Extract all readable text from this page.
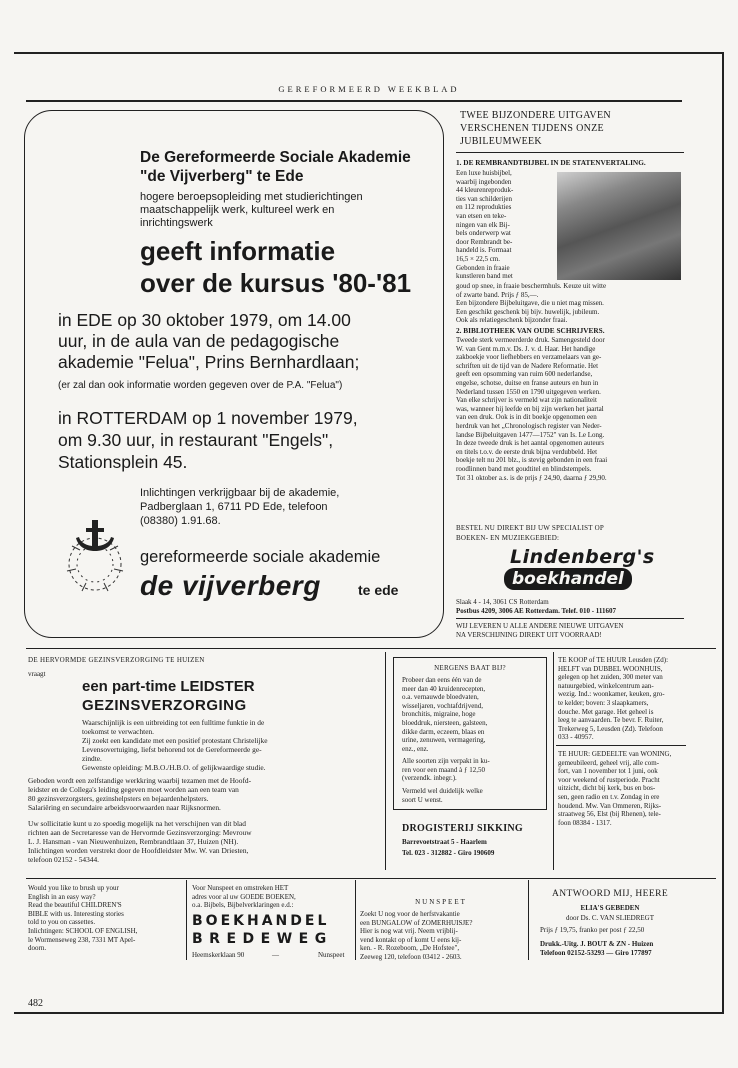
GEREFORMEERD WEEKBLAD
De Gereformeerde Sociale Akademie
"de Vijverberg" te Ede
hogere beroepsopleiding met studierichtingen
maatschappelijk werk, kultureel werk en
inrichtingswerk
geeft informatie
over de kursus '80-'81
in EDE op 30 oktober 1979, om 14.00
uur, in de aula van de pedagogische
akademie "Felua", Prins Bernhardlaan;
(er zal dan ook informatie worden gegeven over de P.A. "Felua")
in ROTTERDAM op 1 november 1979,
om 9.30 uur, in restaurant "Engels",
Stationsplein 45.
Inlichtingen verkrijgbaar bij de akademie,
Padberglaan 1, 6711 PD Ede, telefoon
(08380) 1.91.68.
gereformeerde sociale akademie
de vijverberg	te ede
TWEE BIJZONDERE UITGAVEN
VERSCHENEN TIJDENS ONZE
JUBILEUMWEEK
1. DE REMBRANDTBIJBEL IN DE STATENVERTALING.
Een luxe huisbijbel,
waarbij ingebonden
44 kleurenreproduk-
ties van schilderijen
en 112 reprodukties
van etsen en teke-
ningen van elk Bij-
bels onderwerp wat
door Rembrandt be-
handeld is. Formaat
16,5 × 22,5 cm.
Gebonden in fraaie
kunstleren band met
goud op snee, in fraaie beschermhuls. Keuze uit witte
of zwarte band. Prijs ƒ 85,—.
Een bijzondere Bijbeluitgave, die u niet mag missen.
Een geschikt geschenk bij bijv. huwelijk, jubileum.
Ook als relatiegeschenk bijzonder fraai.
2. BIBLIOTHEEK VAN OUDE SCHRIJVERS.
Tweede sterk vermeerderde druk. Samengesteld door
W. van Gent m.m.v. Ds. J. v. d. Haar. Het handige
zakboekje voor liefhebbers en verzamelaars van ge-
schriften uit de tijd van de Nadere Reformatie. Het
geeft een opsomming van ruim 600 nederlandse,
engelse, schotse, duitse en franse auteurs en hun in
Nederland tussen 1550 en 1790 uitgegeven werken.
Van elke schrijver is vermeld wat zijn nationaliteit
was, wanneer hij leefde en bij zijn werken het jaartal
van een druk. Ook is in dit boekje opgenomen een
herdruk van het „Chronologisch register van Neder-
landse Bijbeluitgaven 1477—1752" van Is. Le Long.
In deze tweede druk is het aantal opgenomen auteurs
en titels t.o.v. de eerste druk bijna verdubbeld. Het
boekje telt nu 201 blz., is stevig gebonden in een fraai
roodlinnen band met goudtitel en blindstempels.
Tot 31 oktober a.s. is de prijs ƒ 24,90, daarna ƒ 29,90.
BESTEL NU DIREKT BIJ UW SPECIALIST OP
BOEKEN- EN MUZIEKGEBIED:
Lindenberg's
boekhandel
Slaak 4 - 14, 3061 CS Rotterdam
Postbus 4209, 3006 AE Rotterdam. Telef. 010 - 111607
WIJ LEVEREN U ALLE ANDERE NIEUWE UITGAVEN
NA VERSCHIJNING DIREKT UIT VOORRAAD!
DE HERVORMDE GEZINSVERZORGING TE HUIZEN
vraagt
een part-time LEIDSTER
GEZINSVERZORGING
Waarschijnlijk is een uitbreiding tot een fulltime funktie in de
toekomst te verwachten.
Zij zoekt een kandidate met een positief protestant Christelijke
Levensovertuiging, liefst behorend tot de Gereformeerde ge-
zindte.
Gewenste opleiding: M.B.O./H.B.O. of gelijkwaardige studie.
Geboden wordt een zelfstandige werkkring waarbij tezamen met de Hoofd-
leidster en de Collega's leiding gegeven moet worden aan een team van
80 gezinsverzorgsters, gezinshelpsters en bejaardenhelpsters.
Salariëring en secundaire arbeidsvoorwaarden naar Rijksnormen.
Uw sollicitatie kunt u zo spoedig mogelijk na het verschijnen van dit blad
richten aan de Secretaresse van de Hervormde Gezinsverzorging: Mevrouw
L. J. Hansman - van Nieuwenhuizen, Rembrandtlaan 37, Huizen (NH).
Inlichtingen worden verstrekt door de Hoofdleidster Mw. W. van Driesten,
telefoon 02152 - 54344.
NERGENS BAAT BIJ?
Probeer dan eens één van de
meer dan 40 kruidenrecepten,
o.a. vernauwde bloedvaten,
wisseljaren, vochtafdrijvend,
bronchitis, migraine, hoge
bloeddruk, niersteen, galsteen,
dikke darm, eczeem, blaas en
urine, zenuwen, vermagering,
enz., enz.
Alle soorten zijn verpakt in ku-
ren voor een maand à ƒ 12,50
(verzendk. inbegr.).
Vermeld wel duidelijk welke
soort U wenst.
DROGISTERIJ SIKKING
Barrevoetstraat 5 - Haarlem
Tel. 023 - 312882 - Giro 190609
TE KOOP of TE HUUR Leusden (Zd):
HELFT van DUBBEL WOONHUIS,
gelegen op het zuiden, 300 meter van
natuurgebied, winkelcentrum aan-
wezig. Ind.: woonkamer, keuken, gro-
te kelder; boven: 3 slaapkamers,
douche. Met garage. Het geheel is
leeg te aanvaarden. Te bevr. F. Ruiter,
Trekerweg 5, Leusden (Zd). Telefoon
033 - 40957.
TE HUUR: GEDEELTE van WONING,
gemeubileerd, geheel vrij, alle com-
fort, van 1 november tot 1 juni, ook
voor weekend of rustperiode. Pracht
uitzicht, dicht bij kerk, bus en bos-
sen, geen radio en t.v. Zondag in ere
houdend. Mw. Van Ommeren, Rijks-
straatweg 56, Elst (bij Rhenen), tele-
foon 08384 - 1317.
Would you like to brush up your
English in an easy way?
Read the beautiful CHILDREN'S
BIBLE with us. Interesting stories
told to you on cassettes.
Inlichtingen: SCHOOL OF ENGLISH,
le Wormenseweg 238, 7331 MT Apel-
doorn.
Voor Nunspeet en omstreken HET
adres voor al uw GOEDE BOEKEN,
o.a. Bijbels, Bijbelverklaringen e.d.:
BOEKHANDEL
BREDEWEG
Heemskerklaan 90	—	Nunspeet
NUNSPEET
Zoekt U nog voor de herfstvakantie
een BUNGALOW of ZOMERHUISJE?
Hier is nog wat vrij. Neem vrijblij-
vend kontakt op of komt U eens kij-
ken. - R. Rozeboom, „De Hofstee",
Zeeweg 120, telefoon 03412 - 2603.
ANTWOORD MIJ, HEERE
ELIA'S GEBEDEN
door Ds. C. VAN SLIEDREGT
Prijs ƒ 19,75, franko per post ƒ 22,50
Drukk.-Uitg. J. BOUT & ZN - Huizen
Telefoon 02152-53293 — Giro 177897
482
